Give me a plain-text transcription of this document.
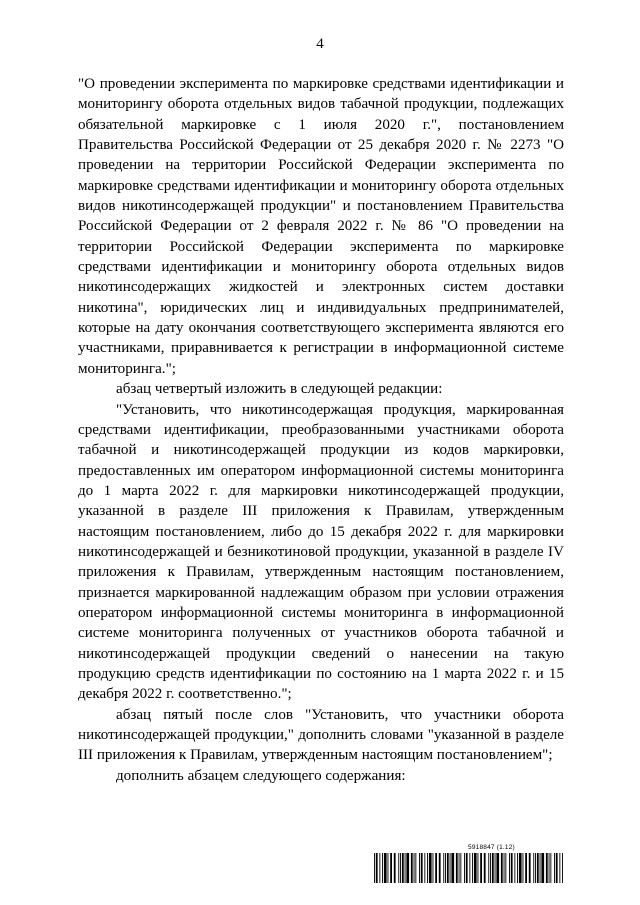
4

"О проведении эксперимента по маркировке средствами идентификации и мониторингу оборота отдельных видов табачной продукции, подлежащих обязательной маркировке с 1 июля 2020 г.", постановлением Правительства Российской Федерации от 25 декабря 2020 г. № 2273 "О проведении на территории Российской Федерации эксперимента по маркировке средствами идентификации и мониторингу оборота отдельных видов никотинсодержащей продукции" и постановлением Правительства Российской Федерации от 2 февраля 2022 г. № 86 "О проведении на территории Российской Федерации эксперимента по маркировке средствами идентификации и мониторингу оборота отдельных видов никотинсодержащих жидкостей и электронных систем доставки никотина", юридических лиц и индивидуальных предпринимателей, которые на дату окончания соответствующего эксперимента являются его участниками, приравнивается к регистрации в информационной системе мониторинга.";

абзац четвертый изложить в следующей редакции:

"Установить, что никотинсодержащая продукция, маркированная средствами идентификации, преобразованными участниками оборота табачной и никотинсодержащей продукции из кодов маркировки, предоставленных им оператором информационной системы мониторинга до 1 марта 2022 г. для маркировки никотинсодержащей продукции, указанной в разделе III приложения к Правилам, утвержденным настоящим постановлением, либо до 15 декабря 2022 г. для маркировки никотинсодержащей и безникотиновой продукции, указанной в разделе IV приложения к Правилам, утвержденным настоящим постановлением, признается маркированной надлежащим образом при условии отражения оператором информационной системы мониторинга в информационной системе мониторинга полученных от участников оборота табачной и никотинсодержащей продукции сведений о нанесении на такую продукцию средств идентификации по состоянию на 1 марта 2022 г. и 15 декабря 2022 г. соответственно.";

абзац пятый после слов "Установить, что участники оборота никотинсодержащей продукции," дополнить словами "указанной в разделе III приложения к Правилам, утвержденным настоящим постановлением";

дополнить абзацем следующего содержания:

5918847 (1.12)
